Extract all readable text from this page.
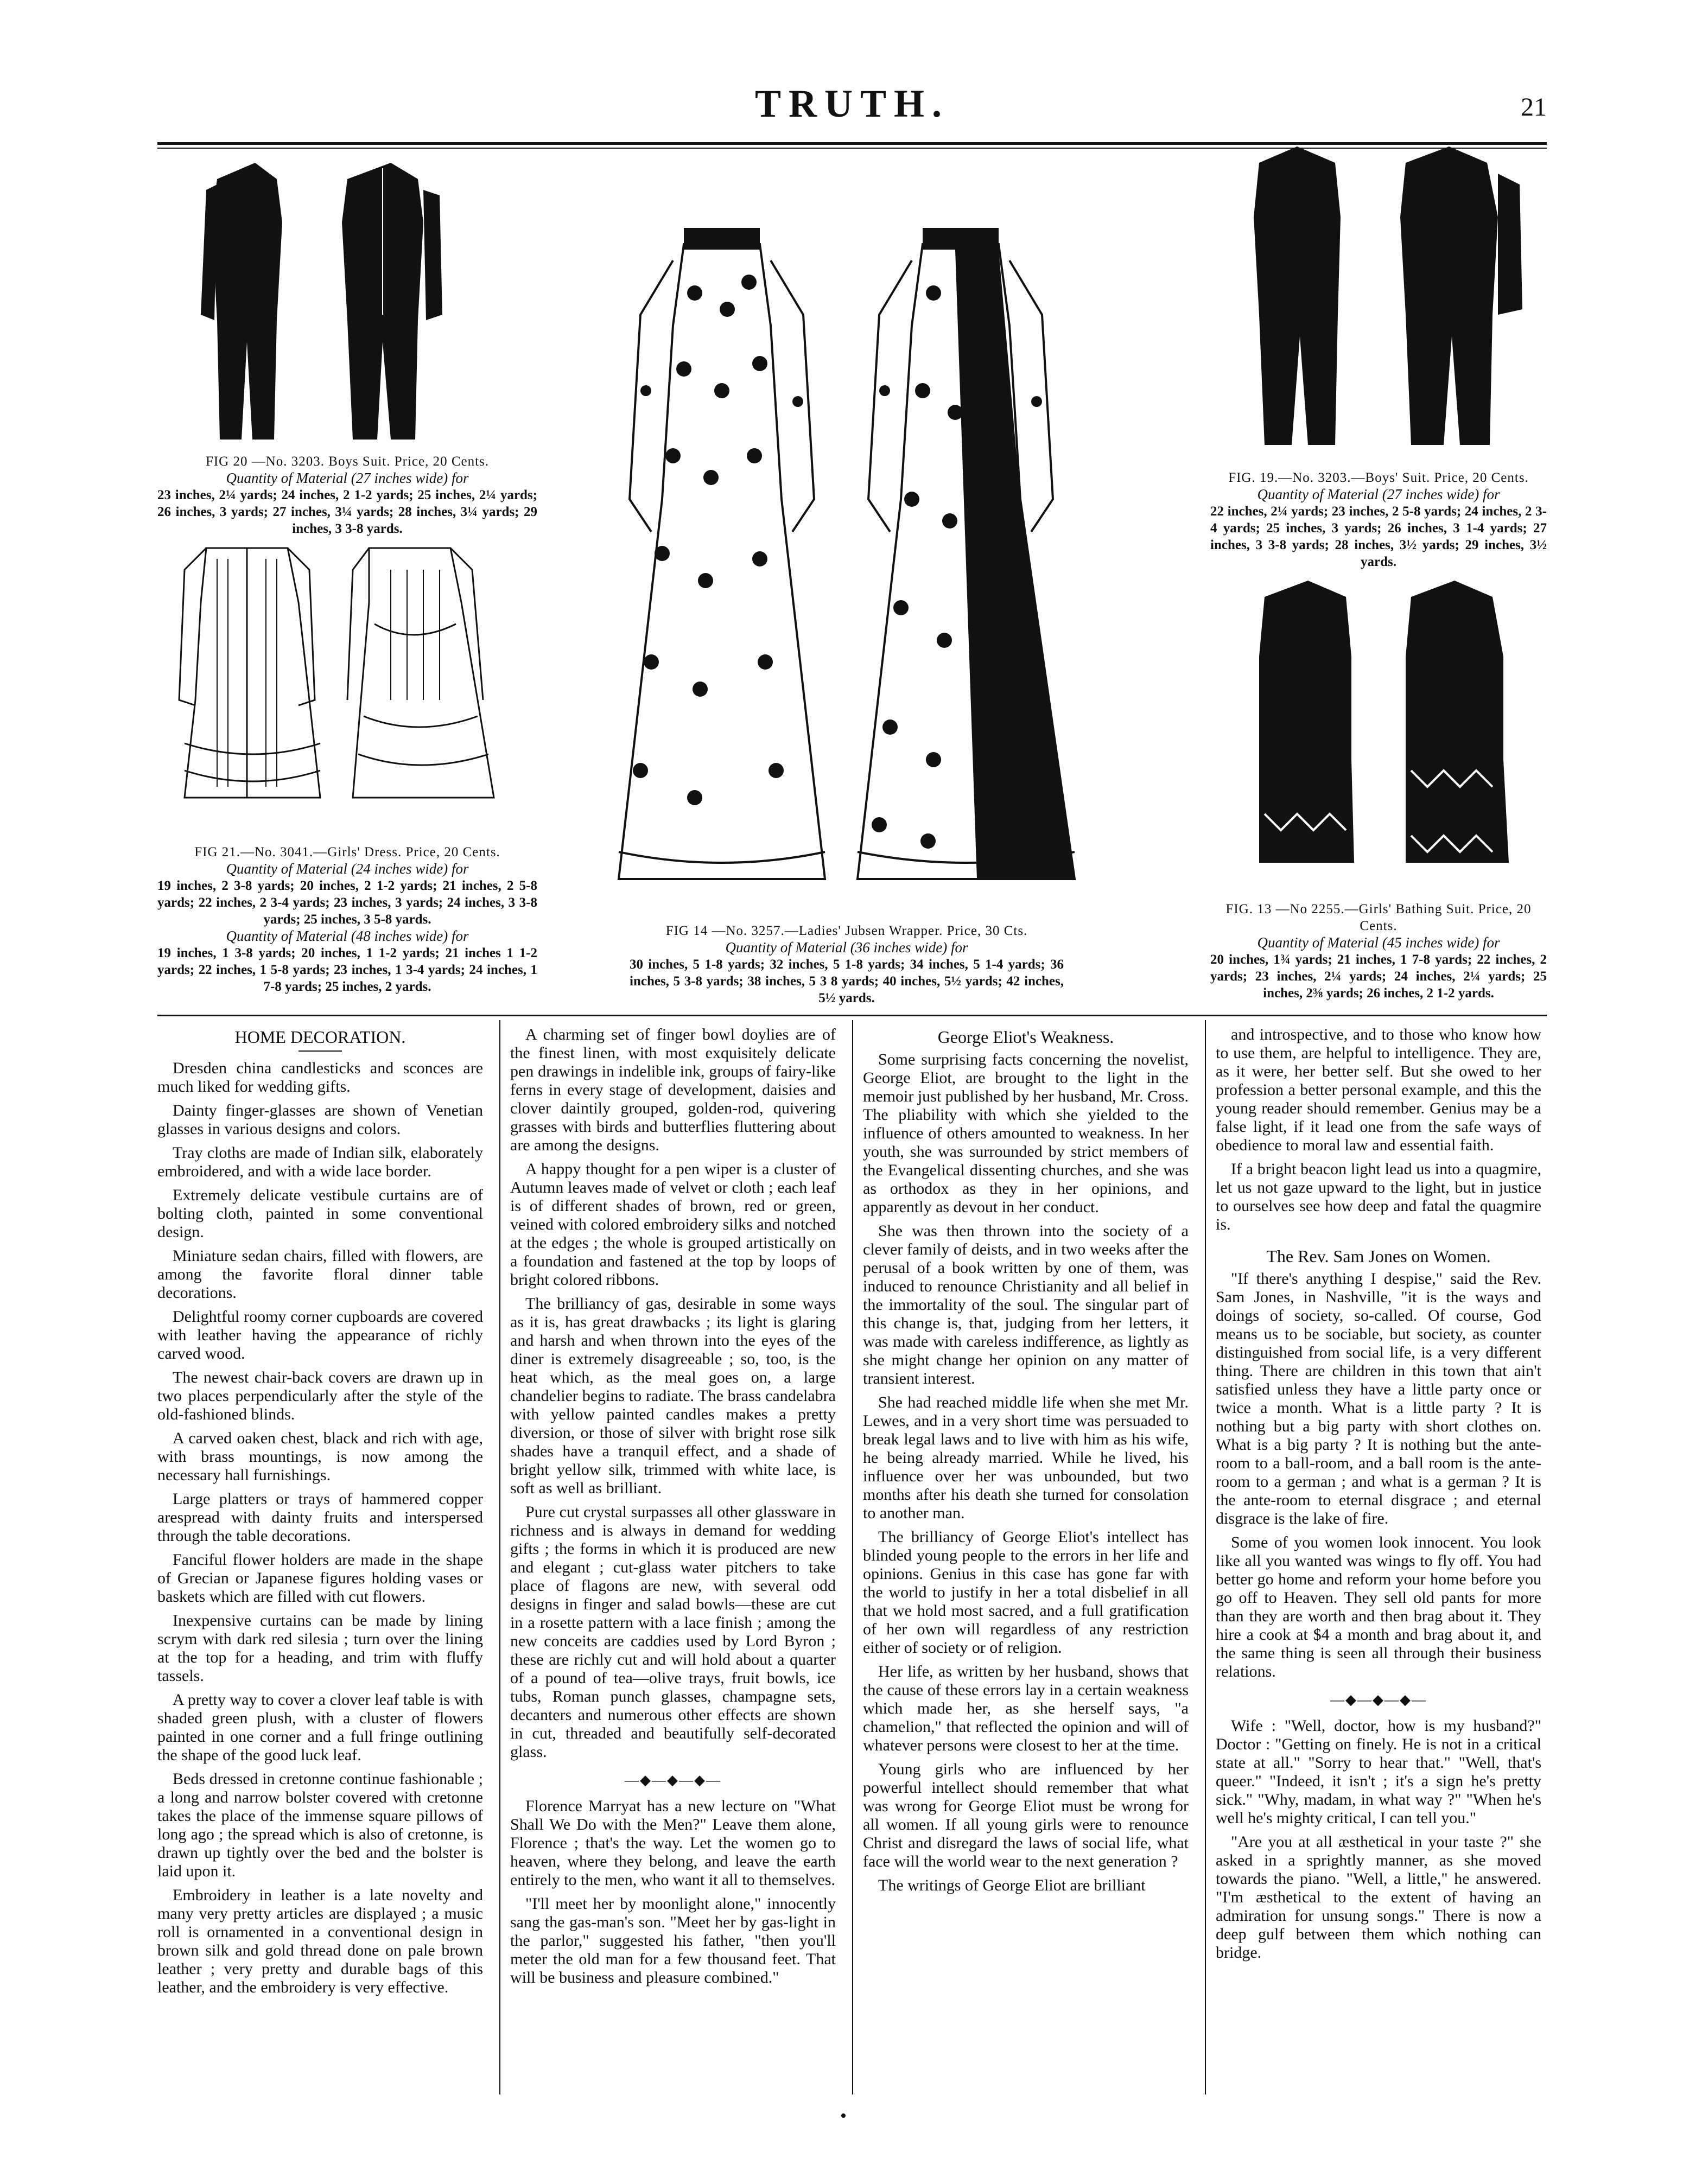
TRUTH.	21
FIG 20 —No. 3203. Boys Suit. Price, 20 Cents.
Quantity of Material (27 inches wide) for
23 inches, 2¼ yards; 24 inches, 2 1-2 yards; 25 inches, 2¼ yards; 26 inches, 3 yards; 27 inches, 3¼ yards; 28 inches, 3¼ yards; 29 inches, 3 3-8 yards.
FIG 21.—No. 3041.—Girls' Dress. Price, 20 Cents.
Quantity of Material (24 inches wide) for
19 inches, 2 3-8 yards; 20 inches, 2 1-2 yards; 21 inches, 2 5-8 yards; 22 inches, 2 3-4 yards; 23 inches, 3 yards; 24 inches, 3 3-8 yards; 25 inches, 3 5-8 yards.
Quantity of Material (48 inches wide) for
19 inches, 1 3-8 yards; 20 inches, 1 1-2 yards; 21 inches 1 1-2 yards; 22 inches, 1 5-8 yards; 23 inches, 1 3-4 yards; 24 inches, 1 7-8 yards; 25 inches, 2 yards.
FIG 14 —No. 3257.—Ladies' Jubsen Wrapper. Price, 30 Cts.
Quantity of Material (36 inches wide) for
30 inches, 5 1-8 yards; 32 inches, 5 1-8 yards; 34 inches, 5 1-4 yards; 36 inches, 5 3-8 yards; 38 inches, 5 3 8 yards; 40 inches, 5½ yards; 42 inches, 5½ yards.
FIG. 19.—No. 3203.—Boys' Suit. Price, 20 Cents.
Quantity of Material (27 inches wide) for
22 inches, 2¼ yards; 23 inches, 2 5-8 yards; 24 inches, 2 3-4 yards; 25 inches, 3 yards; 26 inches, 3 1-4 yards; 27 inches, 3 3-8 yards; 28 inches, 3½ yards; 29 inches, 3½ yards.
FIG. 13 —No 2255.—Girls' Bathing Suit. Price, 20 Cents.
Quantity of Material (45 inches wide) for
20 inches, 1¾ yards; 21 inches, 1 7-8 yards; 22 inches, 2 yards; 23 inches, 2¼ yards; 24 inches, 2¼ yards; 25 inches, 2⅜ yards; 26 inches, 2 1-2 yards.
HOME DECORATION.

Dresden china candlesticks and sconces are much liked for wedding gifts.

Dainty finger-glasses are shown of Venetian glasses in various designs and colors.

Tray cloths are made of Indian silk, elaborately embroidered, and with a wide lace border.

Extremely delicate vestibule curtains are of bolting cloth, painted in some conventional design.

Miniature sedan chairs, filled with flowers, are among the favorite floral dinner table decorations.

Delightful roomy corner cupboards are covered with leather having the appearance of richly carved wood.

The newest chair-back covers are drawn up in two places perpendicularly after the style of the old-fashioned blinds.

A carved oaken chest, black and rich with age, with brass mountings, is now among the necessary hall furnishings.

Large platters or trays of hammered copper arespread with dainty fruits and interspersed through the table decorations.

Fanciful flower holders are made in the shape of Grecian or Japanese figures holding vases or baskets which are filled with cut flowers.

Inexpensive curtains can be made by lining scrym with dark red silesia ; turn over the lining at the top for a heading, and trim with fluffy tassels.

A pretty way to cover a clover leaf table is with shaded green plush, with a cluster of flowers painted in one corner and a full fringe outlining the shape of the good luck leaf.

Beds dressed in cretonne continue fashionable ; a long and narrow bolster covered with cretonne takes the place of the immense square pillows of long ago ; the spread which is also of cretonne, is drawn up tightly over the bed and the bolster is laid upon it.

Embroidery in leather is a late novelty and many very pretty articles are displayed ; a music roll is ornamented in a conventional design in brown silk and gold thread done on pale brown leather ; very pretty and durable bags of this leather, and the embroidery is very effective.

A charming set of finger bowl doylies are of the finest linen, with most exquisitely delicate pen drawings in indelible ink, groups of fairy-like ferns in every stage of development, daisies and clover daintily grouped, golden-rod, quivering grasses with birds and butterflies fluttering about are among the designs.

A happy thought for a pen wiper is a cluster of Autumn leaves made of velvet or cloth ; each leaf is of different shades of brown, red or green, veined with colored embroidery silks and notched at the edges ; the whole is grouped artistically on a foundation and fastened at the top by loops of bright colored ribbons.

The brilliancy of gas, desirable in some ways as it is, has great drawbacks ; its light is glaring and harsh and when thrown into the eyes of the diner is extremely disagreeable ; so, too, is the heat which, as the meal goes on, a large chandelier begins to radiate. The brass candelabra with yellow painted candles makes a pretty diversion, or those of silver with bright rose silk shades have a tranquil effect, and a shade of bright yellow silk, trimmed with white lace, is soft as well as brilliant.

Pure cut crystal surpasses all other glassware in richness and is always in demand for wedding gifts ; the forms in which it is produced are new and elegant ; cut-glass water pitchers to take place of flagons are new, with several odd designs in finger and salad bowls—these are cut in a rosette pattern with a lace finish ; among the new conceits are caddies used by Lord Byron ; these are richly cut and will hold about a quarter of a pound of tea—olive trays, fruit bowls, ice tubs, Roman punch glasses, champagne sets, decanters and numerous other effects are shown in cut, threaded and beautifully self-decorated glass.

—◆—◆—◆—

Florence Marryat has a new lecture on "What Shall We Do with the Men?" Leave them alone, Florence ; that's the way. Let the women go to heaven, where they belong, and leave the earth entirely to the men, who want it all to themselves.

"I'll meet her by moonlight alone," innocently sang the gas-man's son. "Meet her by gas-light in the parlor," suggested his father, "then you'll meter the old man for a few thousand feet. That will be business and pleasure combined."

George Eliot's Weakness.

Some surprising facts concerning the novelist, George Eliot, are brought to the light in the memoir just published by her husband, Mr. Cross. The pliability with which she yielded to the influence of others amounted to weakness. In her youth, she was surrounded by strict members of the Evangelical dissenting churches, and she was as orthodox as they in her opinions, and apparently as devout in her conduct.

She was then thrown into the society of a clever family of deists, and in two weeks after the perusal of a book written by one of them, was induced to renounce Christianity and all belief in the immortality of the soul. The singular part of this change is, that, judging from her letters, it was made with careless indifference, as lightly as she might change her opinion on any matter of transient interest.

She had reached middle life when she met Mr. Lewes, and in a very short time was persuaded to break legal laws and to live with him as his wife, he being already married. While he lived, his influence over her was unbounded, but two months after his death she turned for consolation to another man.

The brilliancy of George Eliot's intellect has blinded young people to the errors in her life and opinions. Genius in this case has gone far with the world to justify in her a total disbelief in all that we hold most sacred, and a full gratification of her own will regardless of any restriction either of society or of religion.

Her life, as written by her husband, shows that the cause of these errors lay in a certain weakness which made her, as she herself says, "a chamelion," that reflected the opinion and will of whatever persons were closest to her at the time.

Young girls who are influenced by her powerful intellect should remember that what was wrong for George Eliot must be wrong for all women. If all young girls were to renounce Christ and disregard the laws of social life, what face will the world wear to the next generation ?

The writings of George Eliot are brilliant

and introspective, and to those who know how to use them, are helpful to intelligence. They are, as it were, her better self. But she owed to her profession a better personal example, and this the young reader should remember. Genius may be a false light, if it lead one from the safe ways of obedience to moral law and essential faith.

If a bright beacon light lead us into a quagmire, let us not gaze upward to the light, but in justice to ourselves see how deep and fatal the quagmire is.

The Rev. Sam Jones on Women.

"If there's anything I despise," said the Rev. Sam Jones, in Nashville, "it is the ways and doings of society, so-called. Of course, God means us to be sociable, but society, as counter distinguished from social life, is a very different thing. There are children in this town that ain't satisfied unless they have a little party once or twice a month. What is a little party ? It is nothing but a big party with short clothes on. What is a big party ? It is nothing but the ante-room to a ball-room, and a ball room is the ante-room to a german ; and what is a german ? It is the ante-room to eternal disgrace ; and eternal disgrace is the lake of fire.

Some of you women look innocent. You look like all you wanted was wings to fly off. You had better go home and reform your home before you go off to Heaven. They sell old pants for more than they are worth and then brag about it. They hire a cook at $4 a month and brag about it, and the same thing is seen all through their business relations.

—◆—◆—◆—

Wife : "Well, doctor, how is my husband?" Doctor : "Getting on finely. He is not in a critical state at all." "Sorry to hear that." "Well, that's queer." "Indeed, it isn't ; it's a sign he's pretty sick." "Why, madam, in what way ?" "When he's well he's mighty critical, I can tell you."

"Are you at all æsthetical in your taste ?" she asked in a sprightly manner, as she moved towards the piano. "Well, a little," he answered. "I'm æsthetical to the extent of having an admiration for unsung songs." There is now a deep gulf between them which nothing can bridge.
